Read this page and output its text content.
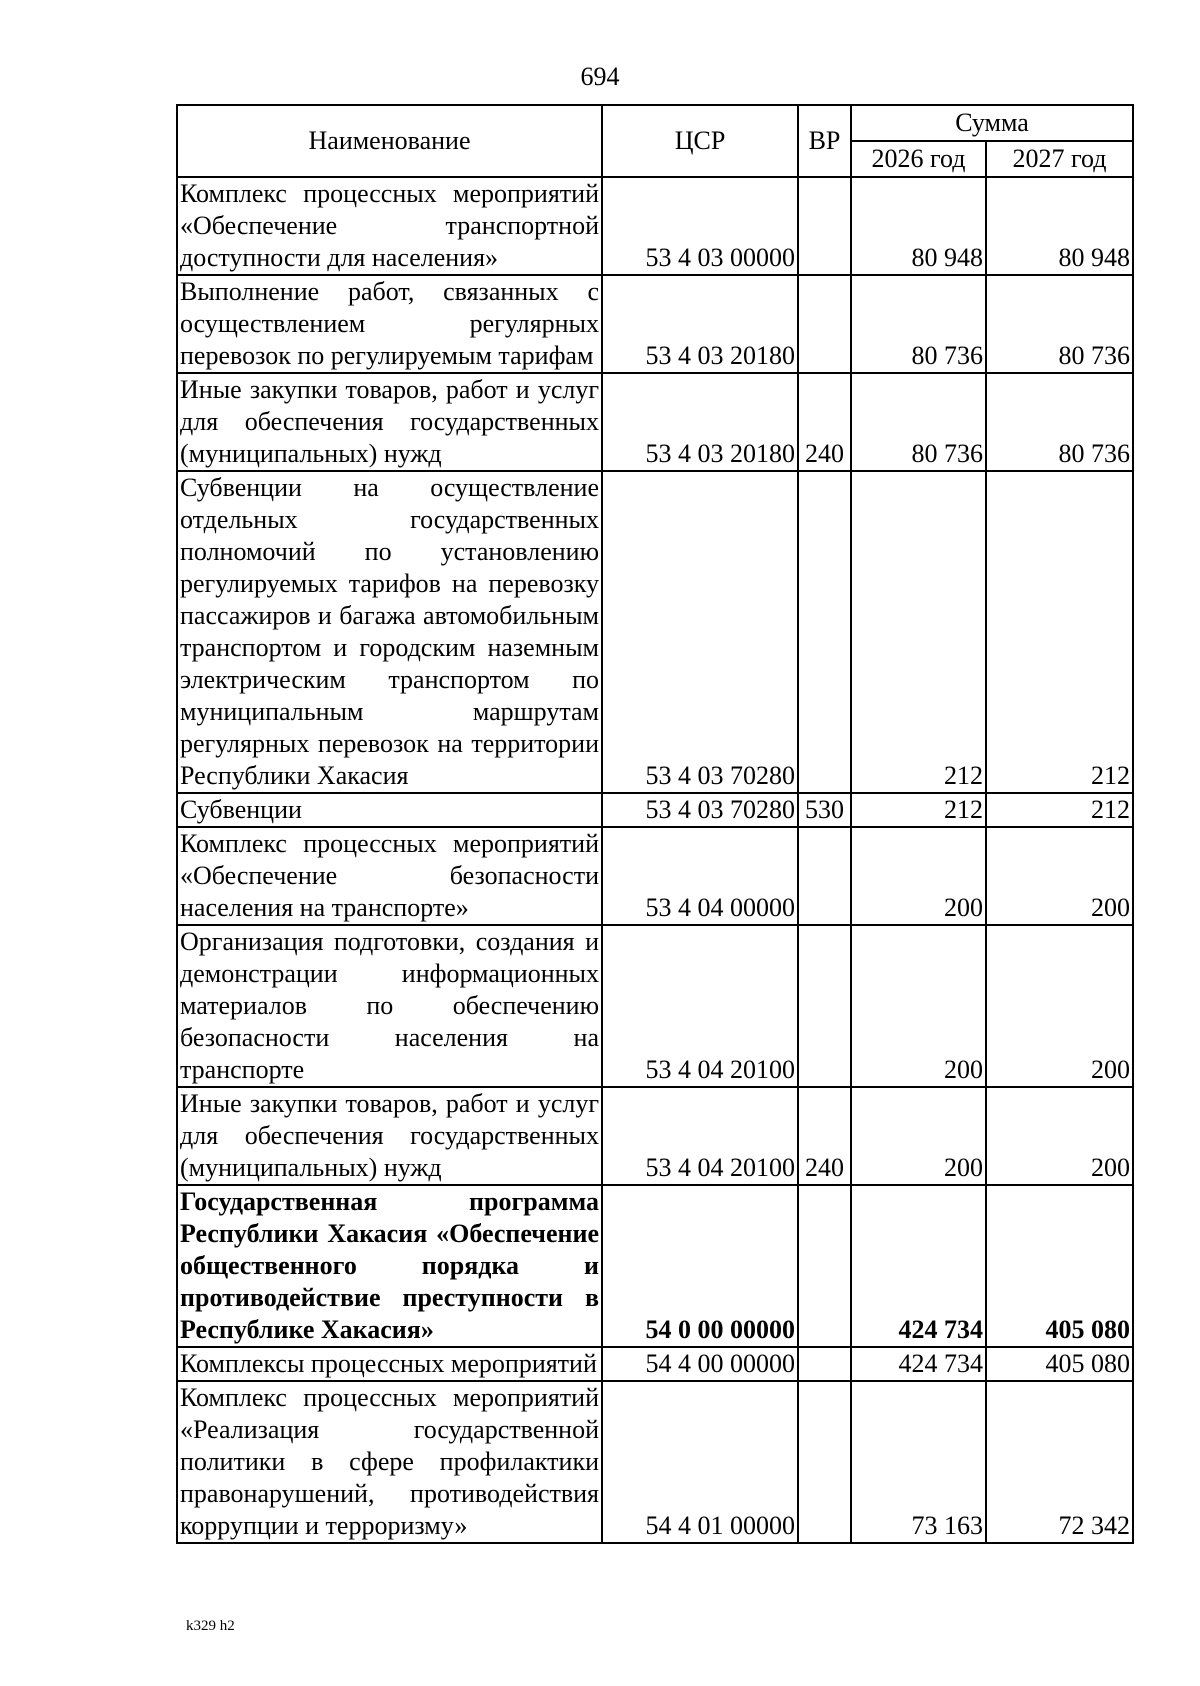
694
Наименование	ЦСР	ВР	Сумма	
			2026 год	2027 год
Комплекс процессных мероприятий «Обеспечение транспортной доступности для населения»	53 4 03 00000		80 948	80 948
Выполнение работ, связанных с осуществлением регулярных перевозок по регулируемым тарифам	53 4 03 20180		80 736	80 736
Иные закупки товаров, работ и услуг для обеспечения государственных (муниципальных) нужд	53 4 03 20180	240	80 736	80 736
Субвенции на осуществление отдельных государственных полномочий по установлению регулируемых тарифов на перевозку пассажиров и багажа автомобильным транспортом и городским наземным электрическим транспортом по муниципальным маршрутам регулярных перевозок на территории Республики Хакасия	53 4 03 70280		212	212
Субвенции	53 4 03 70280	530	212	212
Комплекс процессных мероприятий «Обеспечение безопасности населения на транспорте»	53 4 04 00000		200	200
Организация подготовки, создания и демонстрации информационных материалов по обеспечению безопасности населения на транспорте	53 4 04 20100		200	200
Иные закупки товаров, работ и услуг для обеспечения государственных (муниципальных) нужд	53 4 04 20100	240	200	200
Государственная программа Республики Хакасия «Обеспечение общественного порядка и противодействие преступности в Республике Хакасия»	54 0 00 00000		424 734	405 080
Комплексы процессных мероприятий	54 4 00 00000		424 734	405 080
Комплекс процессных мероприятий «Реализация государственной политики в сфере профилактики правонарушений, противодействия коррупции и терроризму»	54 4 01 00000		73 163	72 342
k329 h2
